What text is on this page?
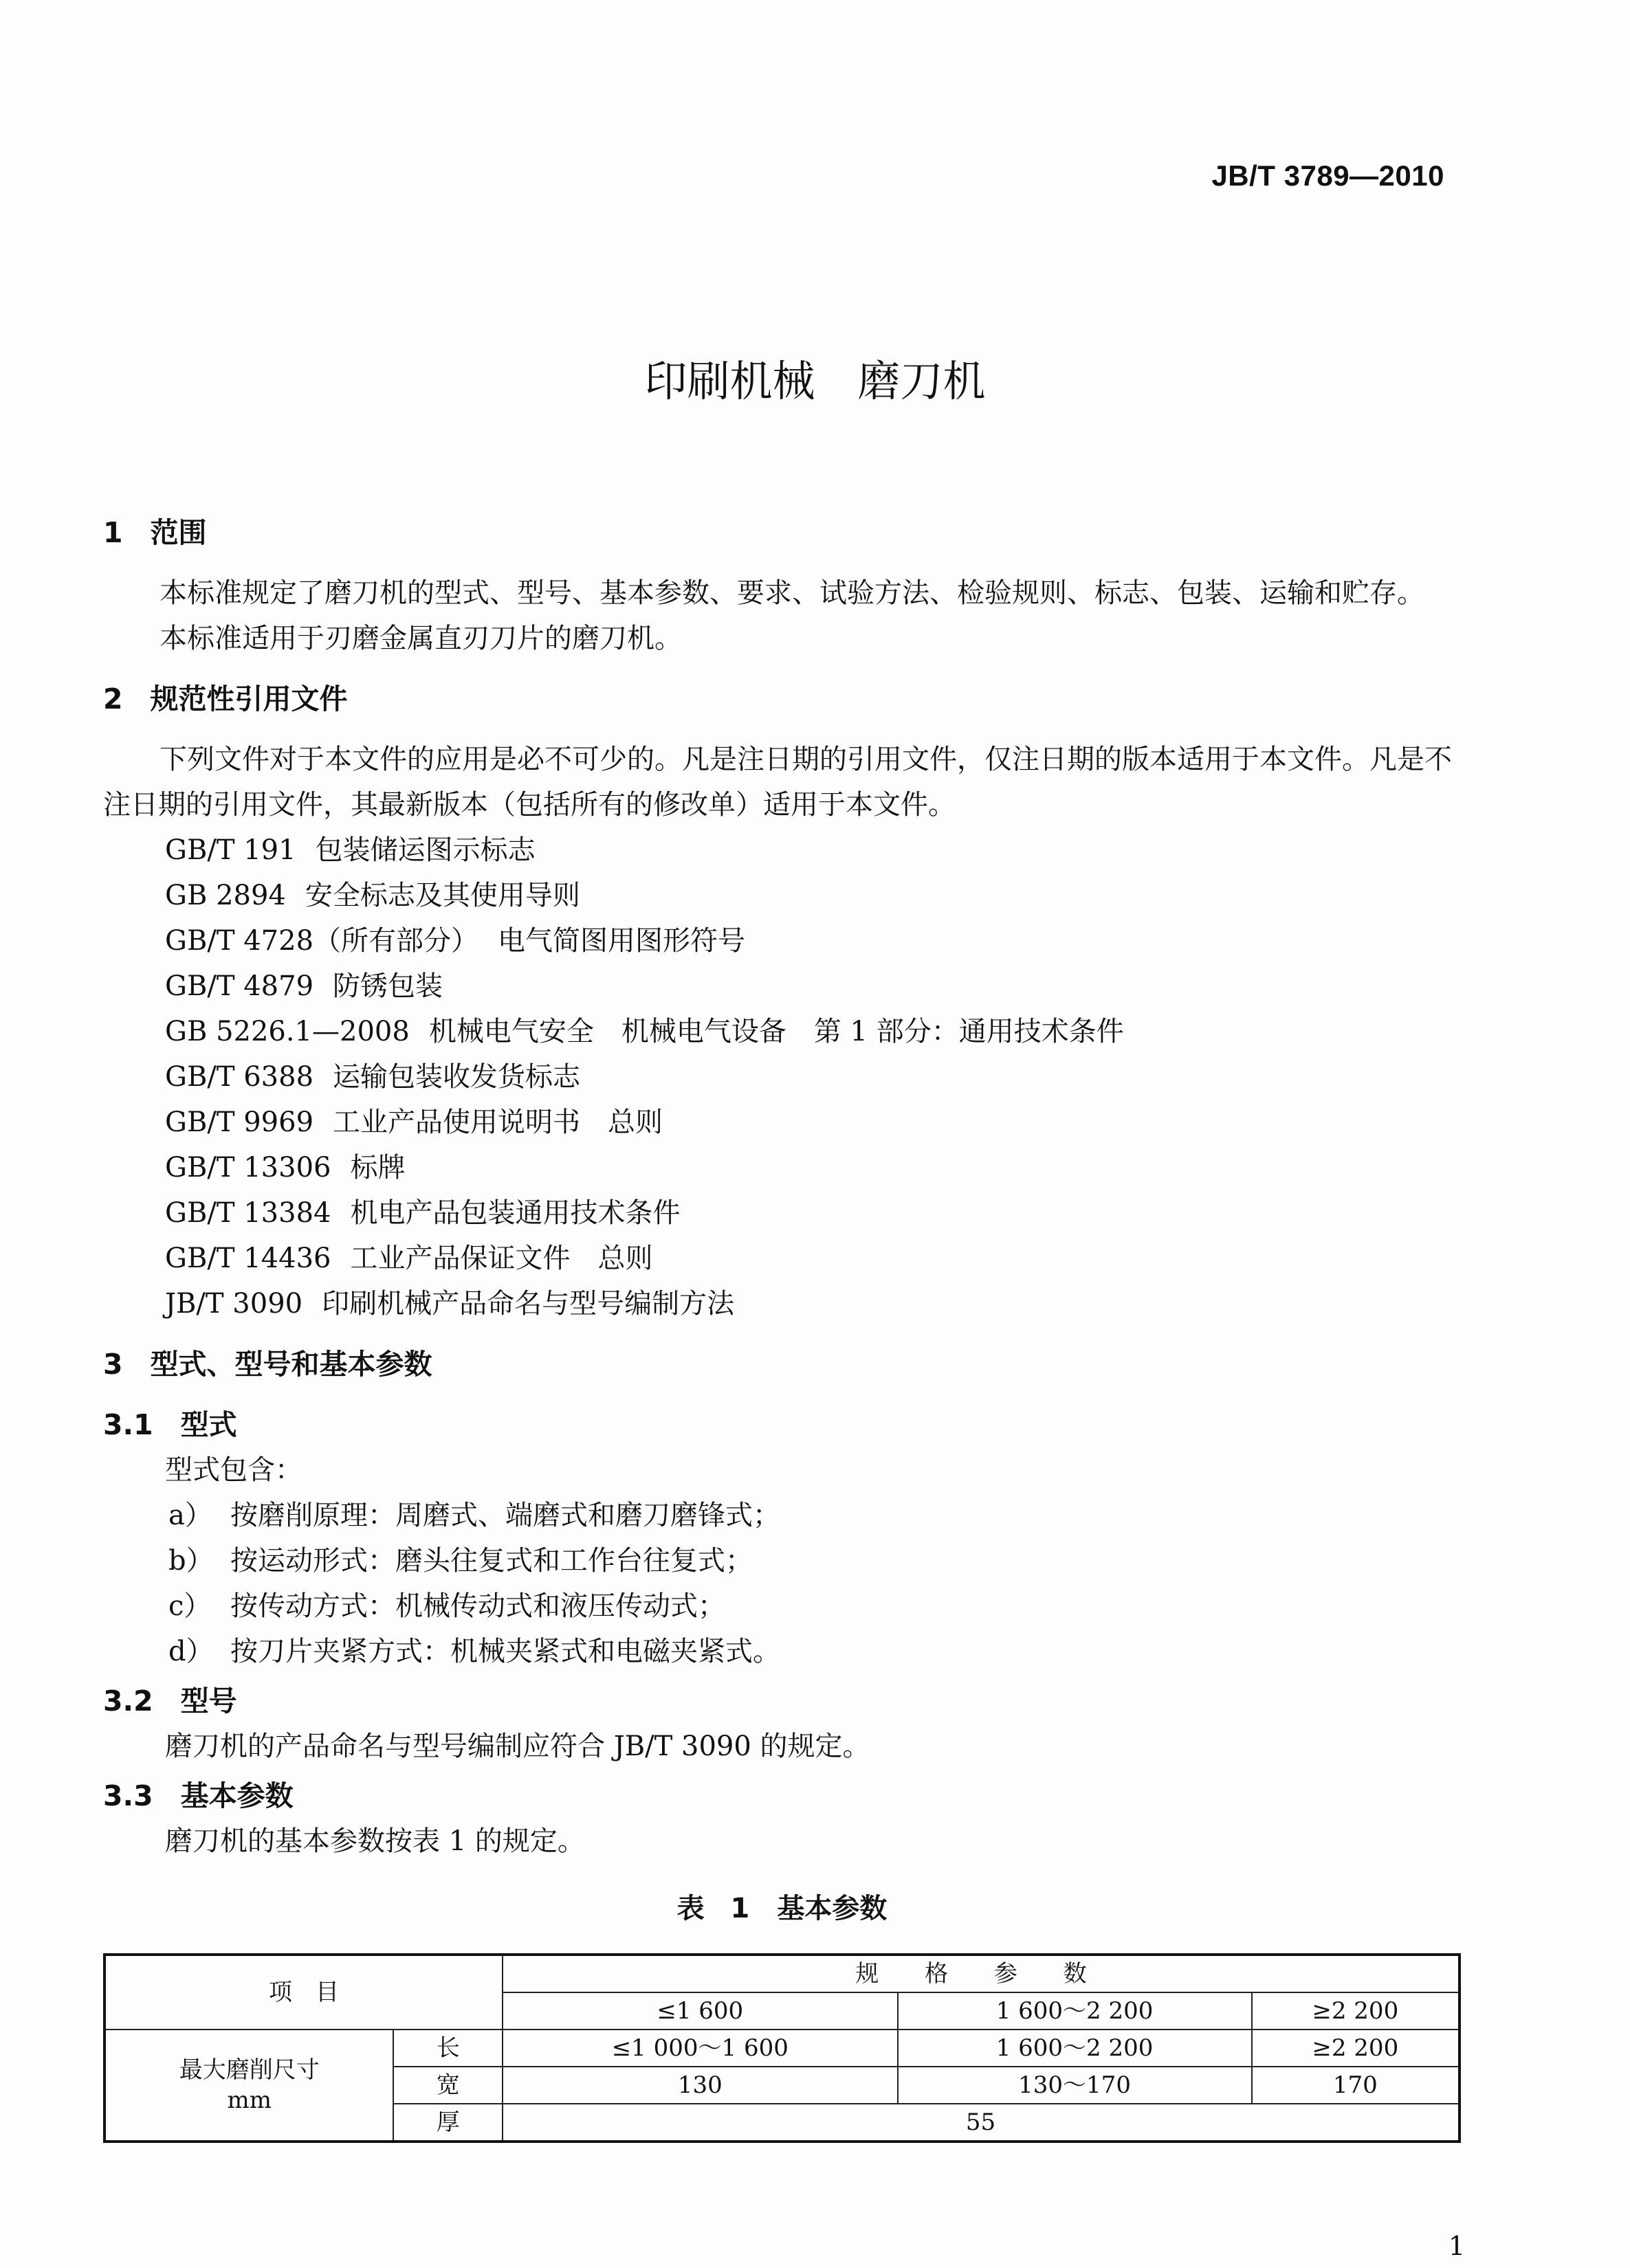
JB/T 3789—2010
印刷机械　磨刀机
1 范围

本标准规定了磨刀机的型式、型号、基本参数、要求、试验方法、检验规则、标志、包装、运输和贮存。

本标准适用于刃磨金属直刃刀片的磨刀机。

2 规范性引用文件

下列文件对于本文件的应用是必不可少的。凡是注日期的引用文件，仅注日期的版本适用于本文件。凡是不注日期的引用文件，其最新版本（包括所有的修改单）适用于本文件。

GB/T 191 包装储运图示标志
GB 2894 安全标志及其使用导则
GB/T 4728（所有部分） 电气简图用图形符号
GB/T 4879 防锈包装
GB 5226.1—2008 机械电气安全　机械电气设备　第 1 部分：通用技术条件
GB/T 6388 运输包装收发货标志
GB/T 9969 工业产品使用说明书　总则
GB/T 13306 标牌
GB/T 13384 机电产品包装通用技术条件
GB/T 14436 工业产品保证文件　总则
JB/T 3090 印刷机械产品命名与型号编制方法
3 型式、型号和基本参数
3.1 型式

型式包含：

a） 按磨削原理：周磨式、端磨式和磨刀磨锋式；
b） 按运动形式：磨头往复式和工作台往复式；
c） 按传动方式：机械传动式和液压传动式；
d） 按刀片夹紧方式：机械夹紧式和电磁夹紧式。
3.2 型号

磨刀机的产品命名与型号编制应符合 JB/T 3090 的规定。

3.3 基本参数

磨刀机的基本参数按表 1 的规定。

表 1　基本参数
项　目		规 格 参 数		
		≤1 600	1 600～2 200	≥2 200

最大磨削尺寸
mm	长	≤1 000～1 600	1 600～2 200	≥2 200
	宽	130	130～170	170
	厚	55		
1
